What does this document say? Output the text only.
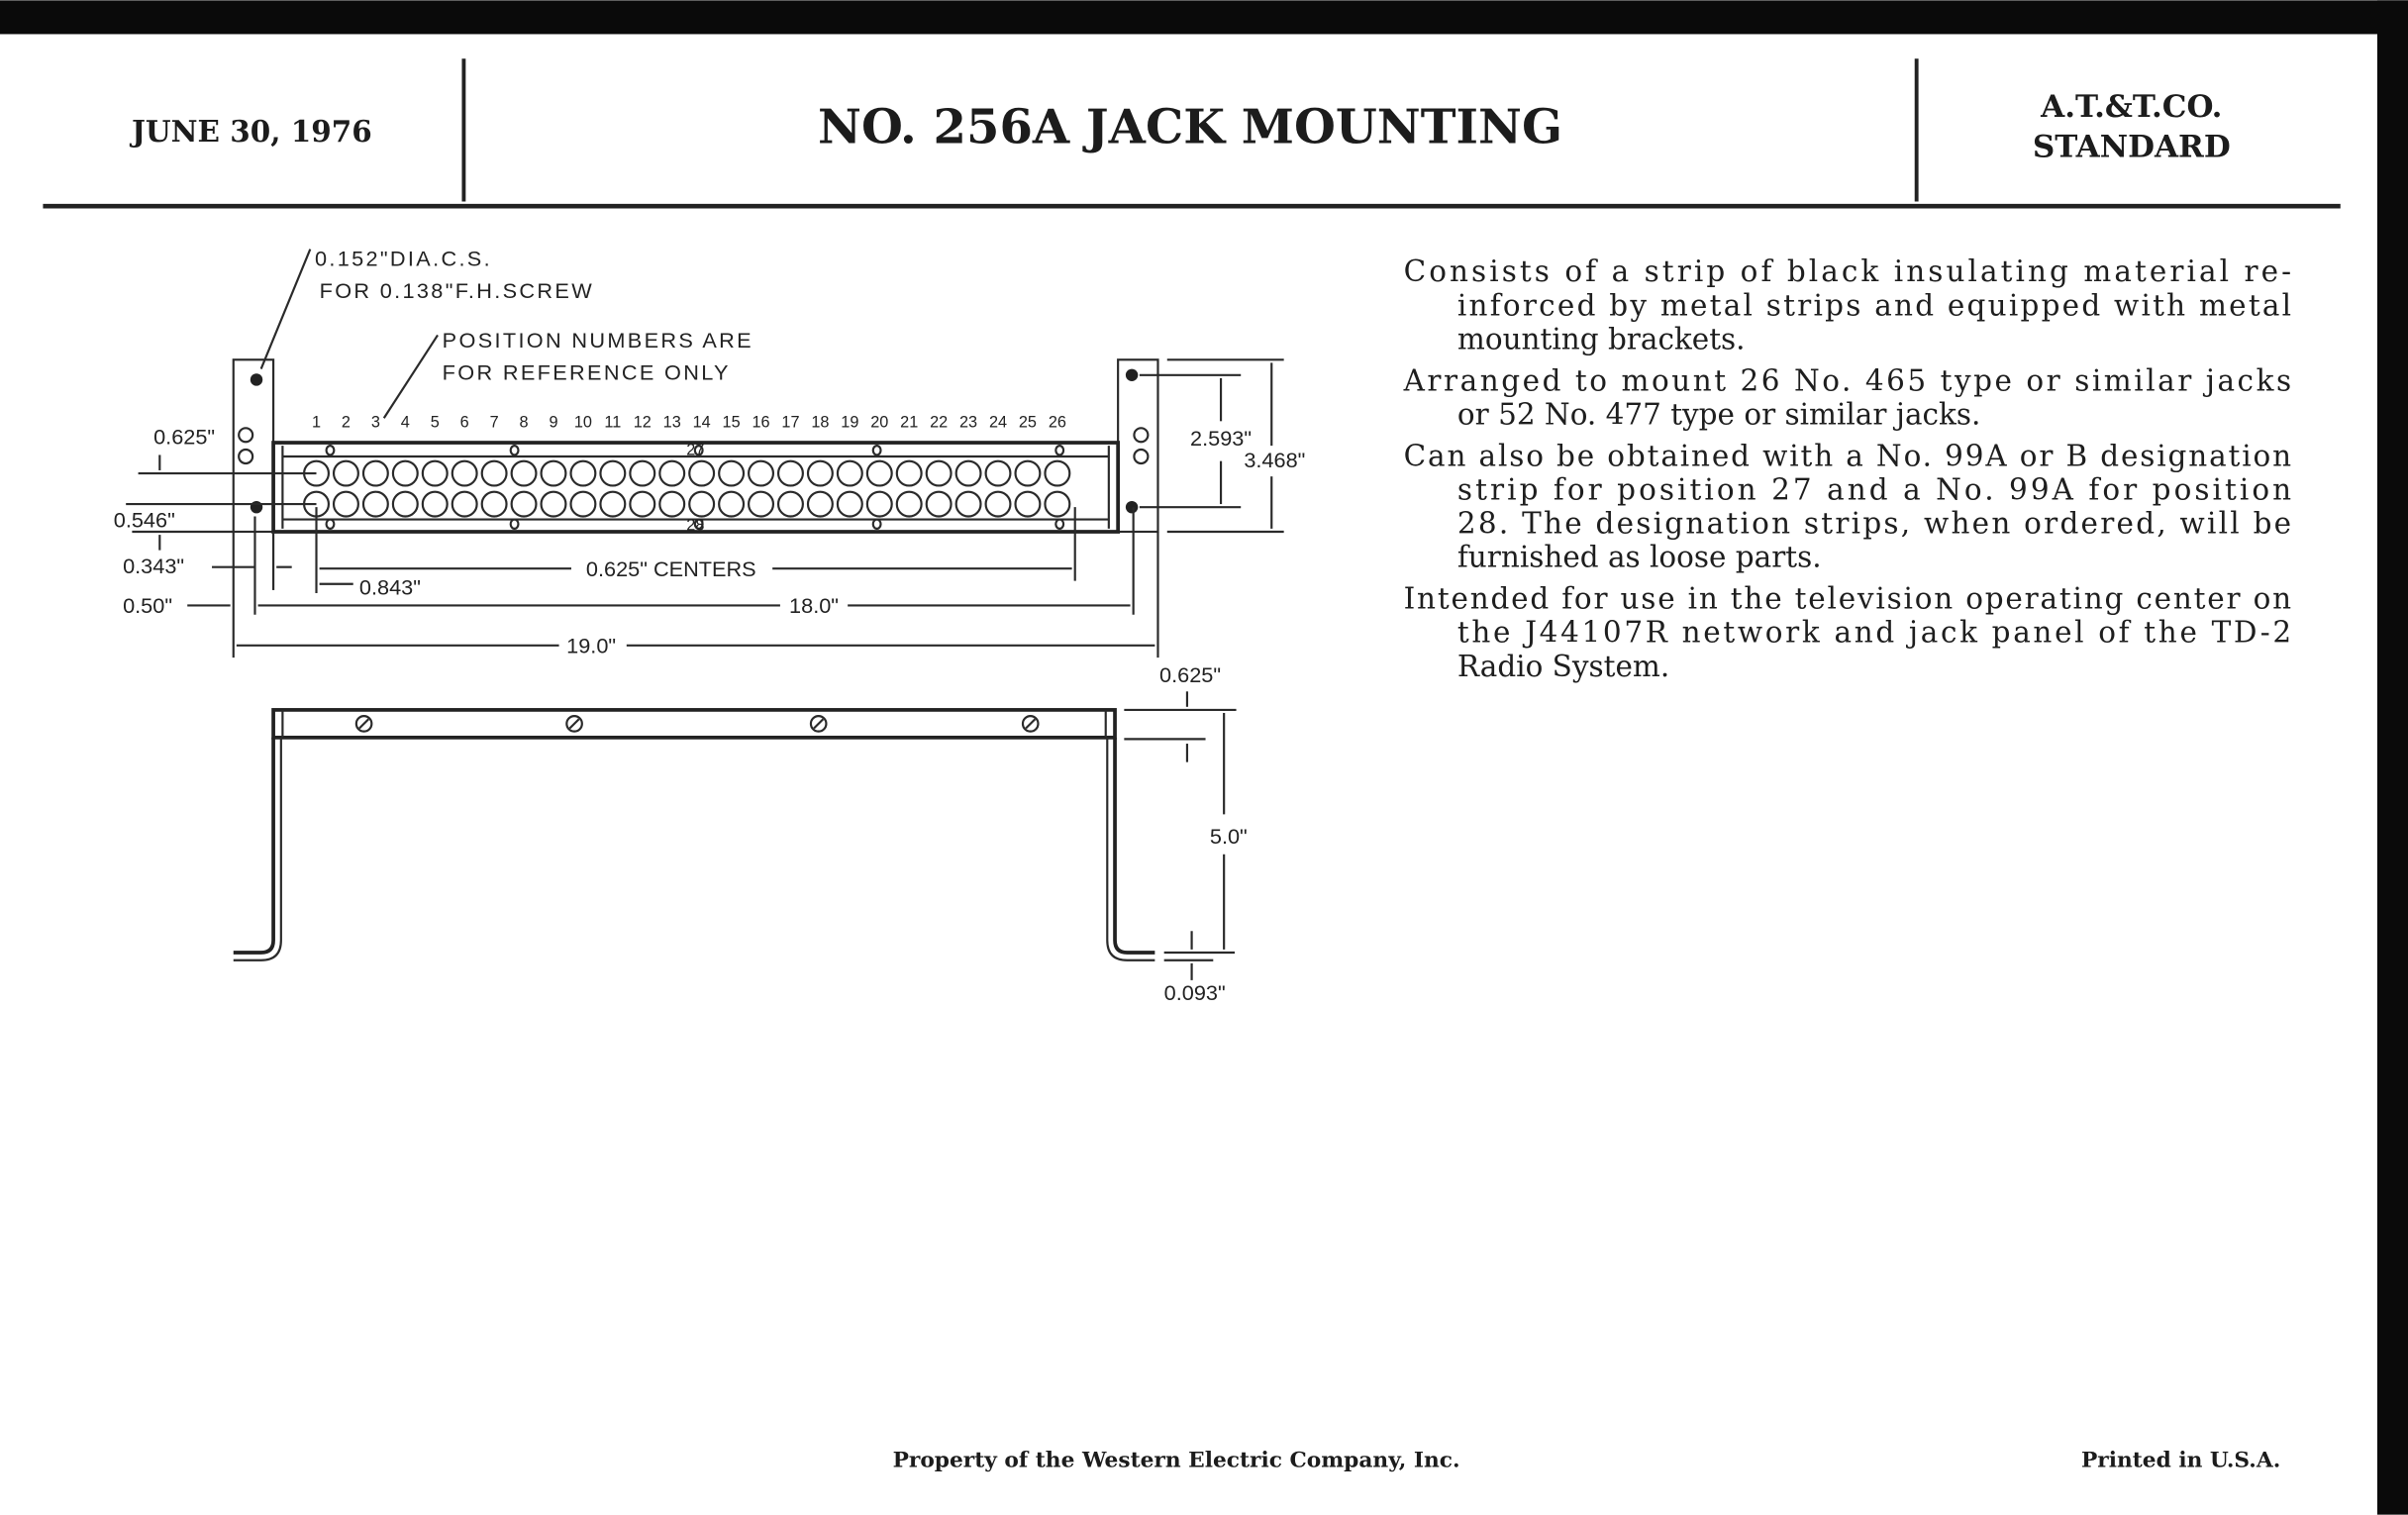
JUNE 30, 1976	NO. 256A JACK MOUNTING	A.T.&T.CO.
STANDARD
Consists of a strip of black insulating material re-
inforced by metal strips and equipped with metal
mounting brackets.
Arranged to mount 26 No. 465 type or similar jacks
or 52 No. 477 type or similar jacks.
Can also be obtained with a No. 99A or B designation
strip for position 27 and a No. 99A for position
28. The designation strips, when ordered, will be
furnished as loose parts.
Intended for use in the television operating center on
the J44107R network and jack panel of the TD-2
Radio System.
1 2 3 4 5 6 7 8 9 10 11 12 13 14 15 16 17 18 19 20 21 22 23 24 25 26
27
28
0.152"DIA.C.S.
FOR 0.138"F.H.SCREW
POSITION NUMBERS ARE
FOR REFERENCE ONLY
0.625"
0.546"
0.343"
0.50"
0.625" CENTERS
0.843"
18.0"
19.0"
2.593"
3.468"
0.625"
5.0"
0.093"
Property of the Western Electric Company, Inc.	Printed in U.S.A.
